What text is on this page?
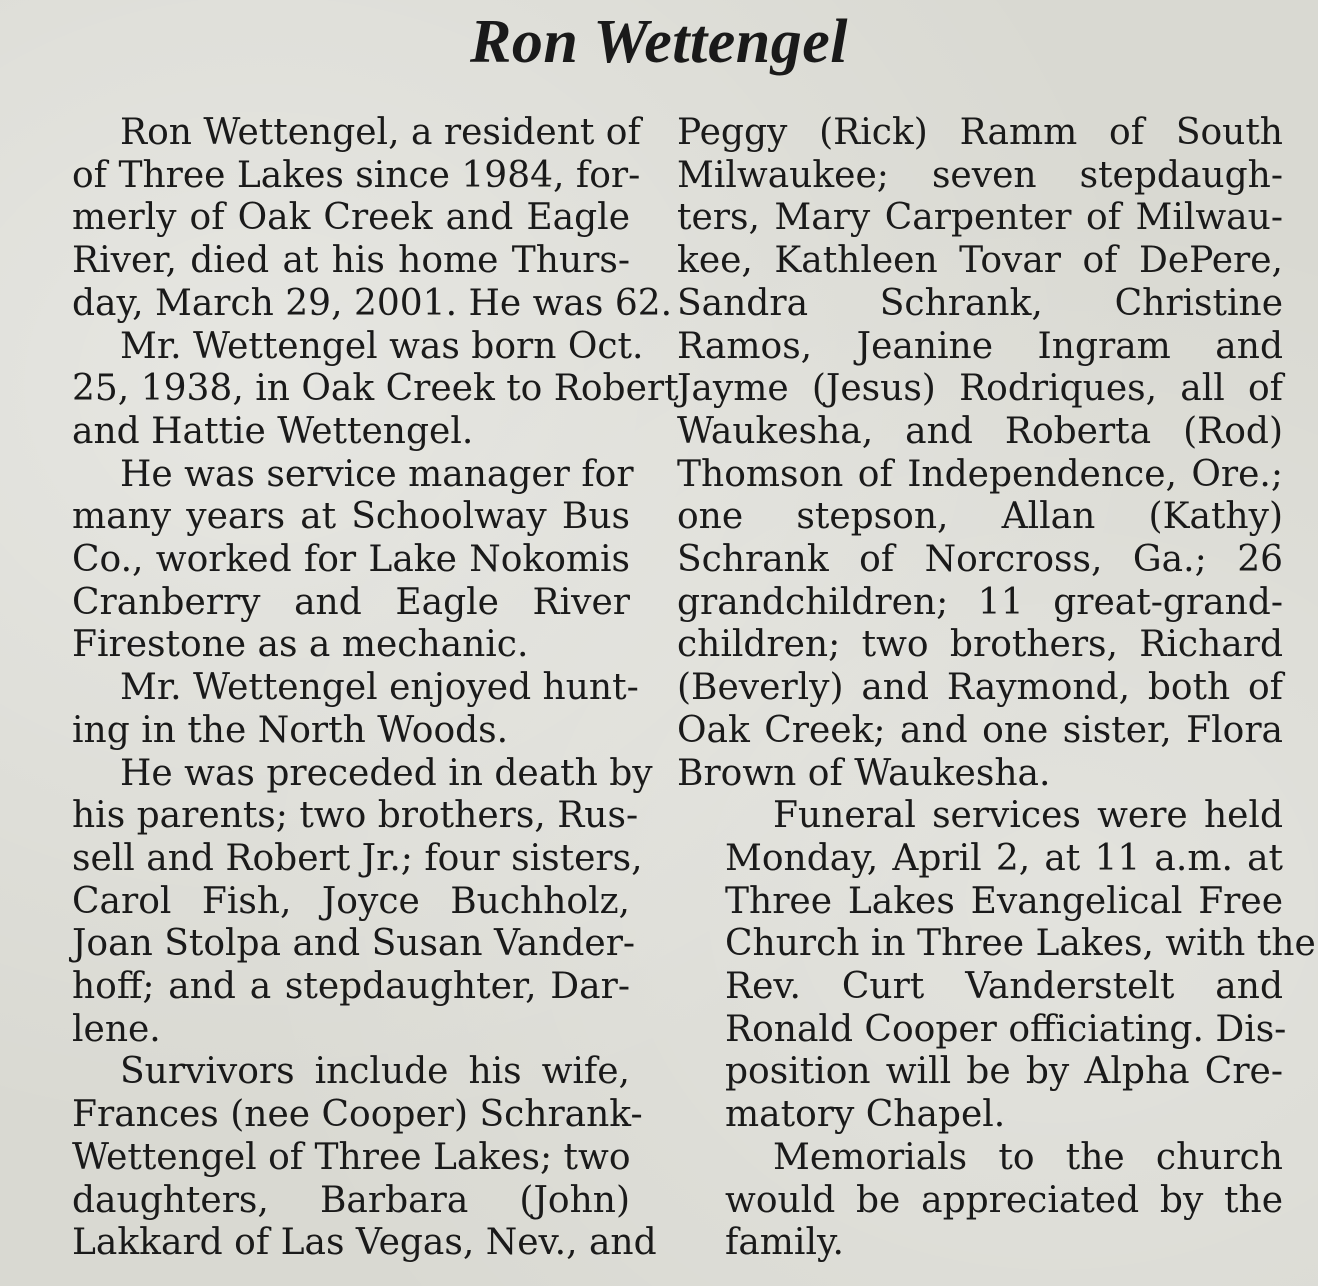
Ron Wettengel
Ron Wettengel, a resident of
of Three Lakes since 1984, for-
merly of Oak Creek and Eagle
River, died at his home Thurs-
day, March 29, 2001. He was 62.
Mr. Wettengel was born Oct.
25, 1938, in Oak Creek to Robert
and Hattie Wettengel.
He was service manager for
many years at Schoolway Bus
Co., worked for Lake Nokomis
Cranberry and Eagle River
Firestone as a mechanic.
Mr. Wettengel enjoyed hunt-
ing in the North Woods.
He was preceded in death by
his parents; two brothers, Rus-
sell and Robert Jr.; four sisters,
Carol Fish, Joyce Buchholz,
Joan Stolpa and Susan Vander-
hoff; and a stepdaughter, Dar-
lene.
Survivors include his wife,
Frances (nee Cooper) Schrank-
Wettengel of Three Lakes; two
daughters, Barbara (John)
Lakkard of Las Vegas, Nev., and
Peggy (Rick) Ramm of South
Milwaukee; seven stepdaugh-
ters, Mary Carpenter of Milwau-
kee, Kathleen Tovar of DePere,
Sandra Schrank, Christine
Ramos, Jeanine Ingram and
Jayme (Jesus) Rodriques, all of
Waukesha, and Roberta (Rod)
Thomson of Independence, Ore.;
one stepson, Allan (Kathy)
Schrank of Norcross, Ga.; 26
grandchildren; 11 great-grand-
children; two brothers, Richard
(Beverly) and Raymond, both of
Oak Creek; and one sister, Flora
Brown of Waukesha.
Funeral services were held
Monday, April 2, at 11 a.m. at
Three Lakes Evangelical Free
Church in Three Lakes, with the
Rev. Curt Vanderstelt and
Ronald Cooper officiating. Dis-
position will be by Alpha Cre-
matory Chapel.
Memorials to the church
would be appreciated by the
family.
